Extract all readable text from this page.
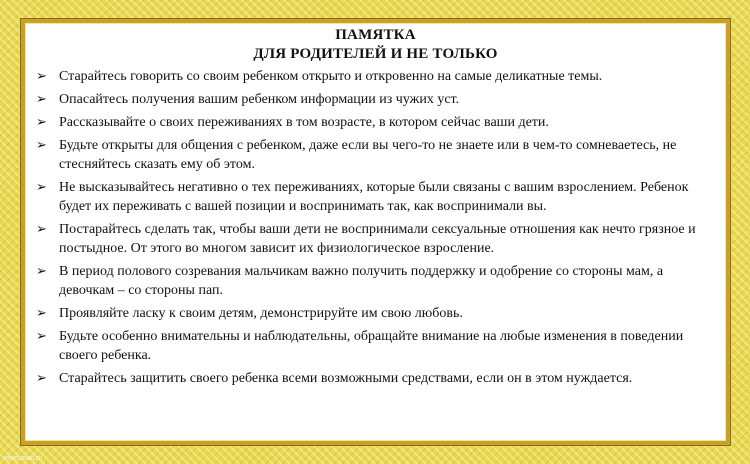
ПАМЯТКА
ДЛЯ РОДИТЕЛЕЙ И НЕ ТОЛЬКО
➢ Старайтесь говорить со своим ребенком открыто и откровенно на самые деликатные темы.
➢ Опасайтесь получения вашим ребенком информации из чужих уст.
➢ Рассказывайте о своих переживаниях в том возрасте, в котором сейчас ваши дети.
➢ Будьте открыты для общения с ребенком, даже если вы чего-то не знаете или в чем-то сомневаетесь, не стесняйтесь сказать ему об этом.
➢ Не высказывайтесь негативно о тех переживаниях, которые были связаны с вашим взрослением. Ребенок будет их переживать с вашей позиции и воспринимать так, как воспринимали вы.
➢ Постарайтесь сделать так, чтобы ваши дети не воспринимали сексуальные отношения как нечто грязное и постыдное. От этого во многом зависит их физиологическое взросление.
➢ В период полового созревания мальчикам важно получить поддержку и одобрение со стороны мам, а девочкам – со стороны пап.
➢ Проявляйте ласку к своим детям, демонстрируйте им свою любовь.
➢ Будьте особенно внимательны и наблюдательны, обращайте внимание на любые изменения в поведении своего ребенка.
➢ Старайтесь защитить своего ребенка всеми возможными средствами, если он в этом нуждается.
otvet.mail.ru
